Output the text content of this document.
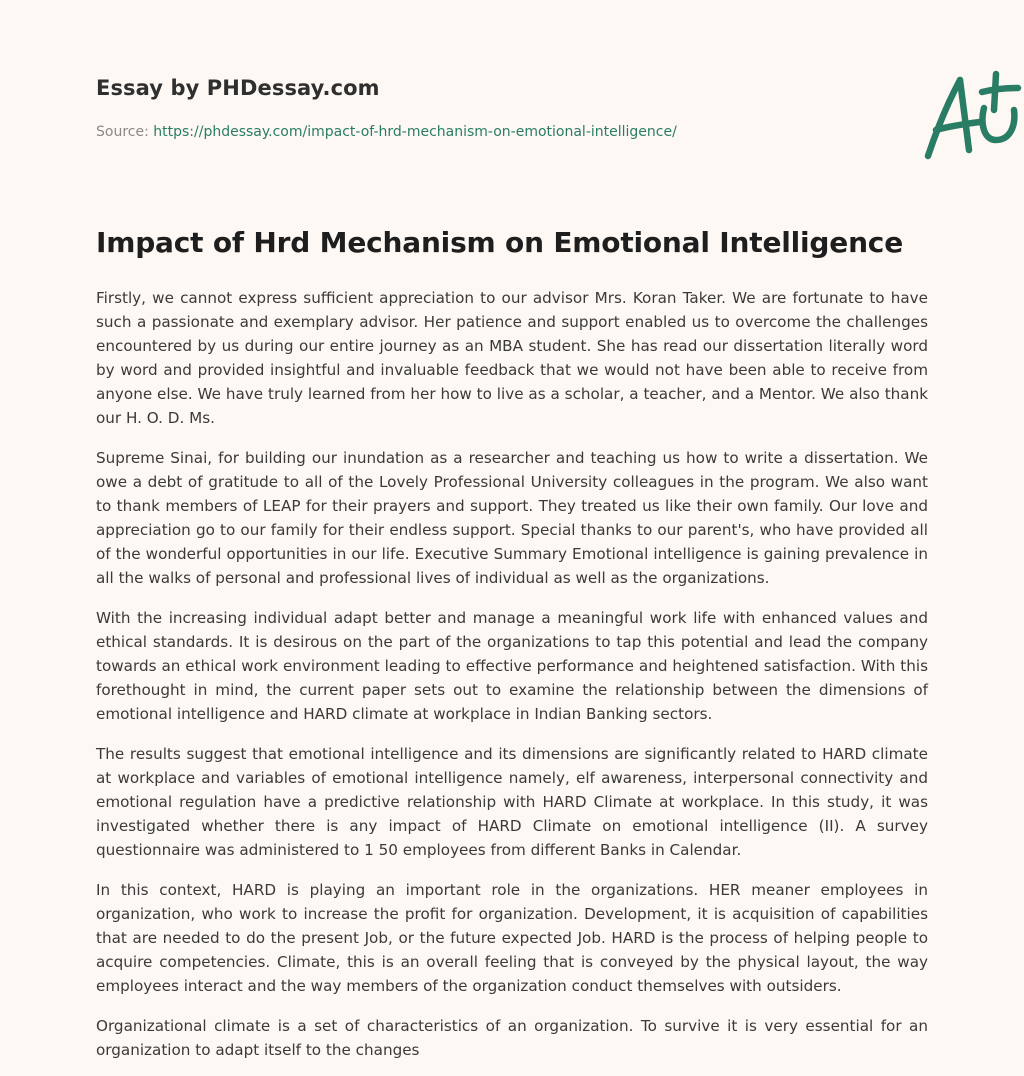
Essay by PHDessay.com
Source: https://phdessay.com/impact-of-hrd-mechanism-on-emotional-intelligence/
Impact of Hrd Mechanism on Emotional Intelligence

Firstly, we cannot express sufficient appreciation to our advisor Mrs. Koran Taker. We are fortunate to have such a passionate and exemplary advisor. Her patience and support enabled us to overcome the challenges encountered by us during our entire journey as an MBA student. She has read our dissertation literally word by word and provided insightful and invaluable feedback that we would not have been able to receive from anyone else. We have truly learned from her how to live as a scholar, a teacher, and a Mentor. We also thank our H. O. D. Ms.

Supreme Sinai, for building our inundation as a researcher and teaching us how to write a dissertation. We owe a debt of gratitude to all of the Lovely Professional University colleagues in the program. We also want to thank members of LEAP for their prayers and support. They treated us like their own family. Our love and appreciation go to our family for their endless support. Special thanks to our parent's, who have provided all of the wonderful opportunities in our life. Executive Summary Emotional intelligence is gaining prevalence in all the walks of personal and professional lives of individual as well as the organizations.

With the increasing individual adapt better and manage a meaningful work life with enhanced values and ethical standards. It is desirous on the part of the organizations to tap this potential and lead the company towards an ethical work environment leading to effective performance and heightened satisfaction. With this forethought in mind, the current paper sets out to examine the relationship between the dimensions of emotional intelligence and HARD climate at workplace in Indian Banking sectors.

The results suggest that emotional intelligence and its dimensions are significantly related to HARD climate at workplace and variables of emotional intelligence namely, elf awareness, interpersonal connectivity and emotional regulation have a predictive relationship with HARD Climate at workplace. In this study, it was investigated whether there is any impact of HARD Climate on emotional intelligence (II). A survey questionnaire was administered to 1 50 employees from different Banks in Calendar.

In this context, HARD is playing an important role in the organizations. HER meaner employees in organization, who work to increase the profit for organization. Development, it is acquisition of capabilities that are needed to do the present Job, or the future expected Job. HARD is the process of helping people to acquire competencies. Climate, this is an overall feeling that is conveyed by the physical layout, the way employees interact and the way members of the organization conduct themselves with outsiders.

Organizational climate is a set of characteristics of an organization. To survive it is very essential for an organization to adapt itself to the changes
